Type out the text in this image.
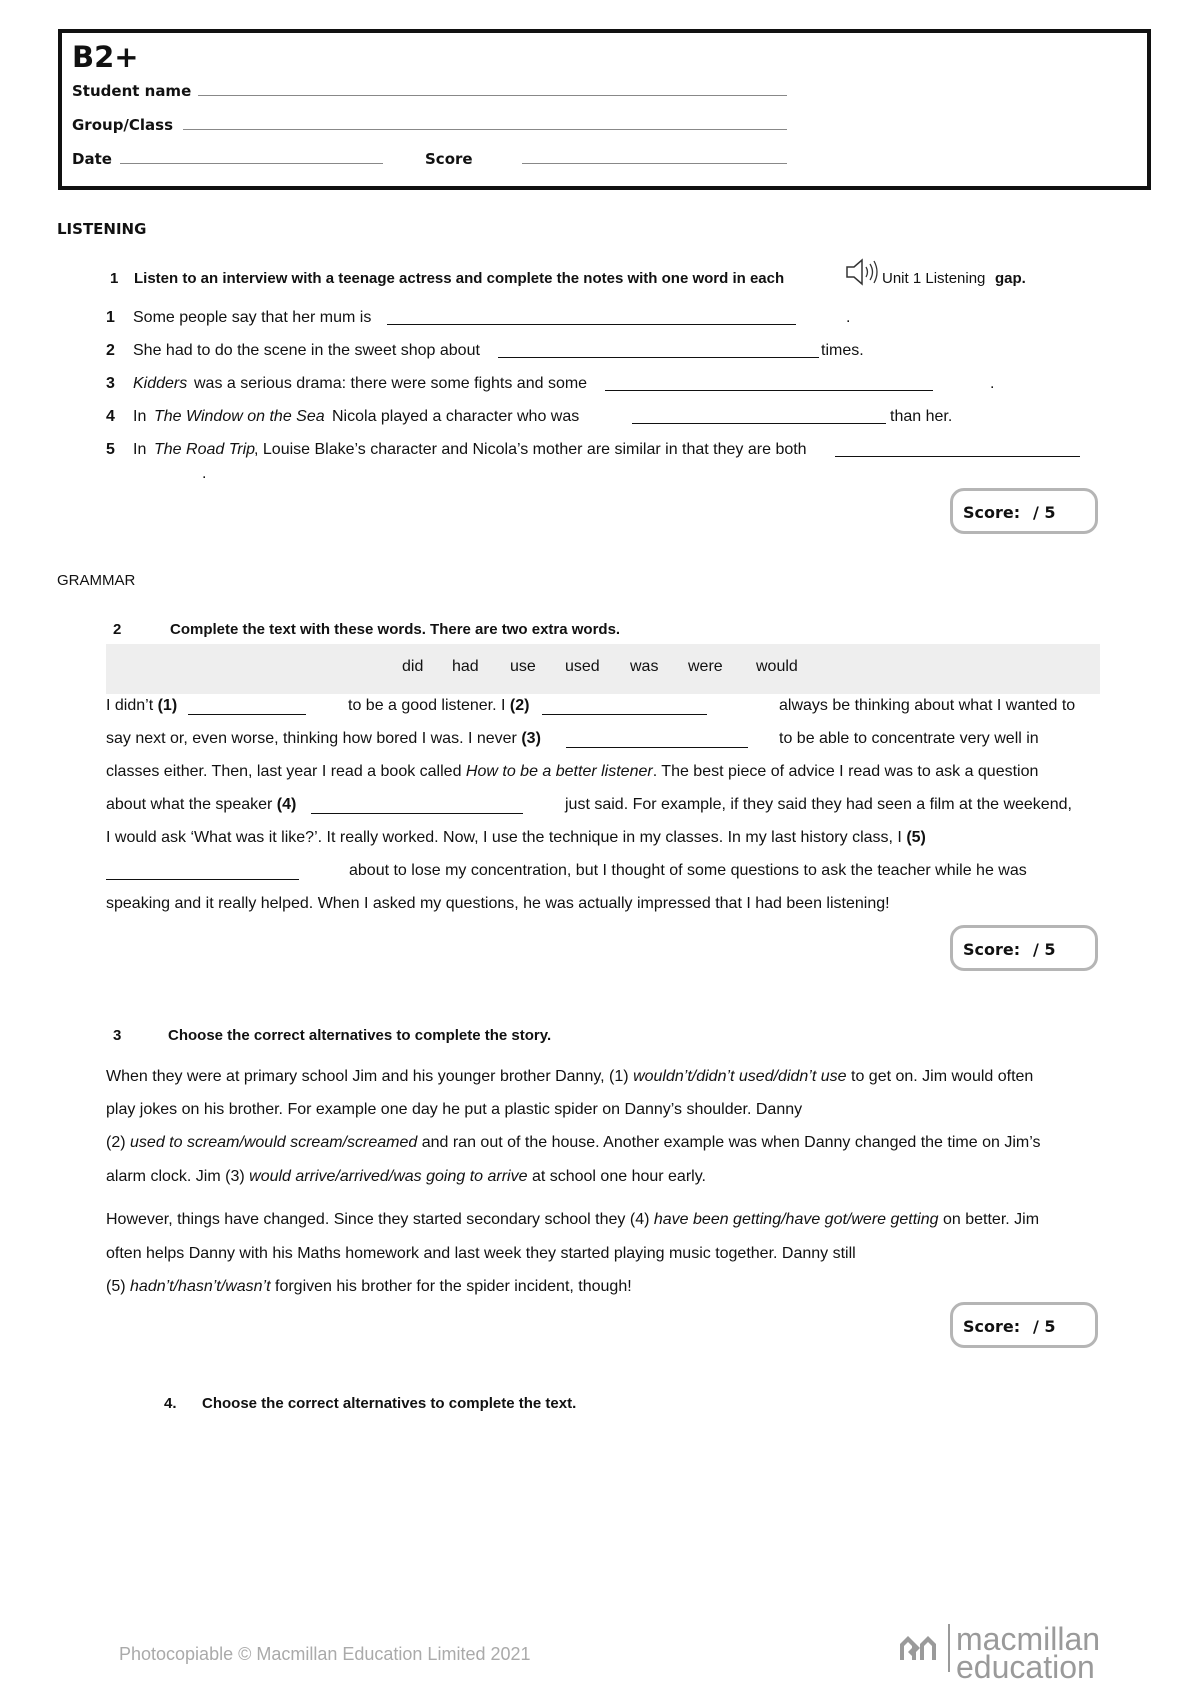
B2+
Student name
Group/Class
Date	Score
LISTENING
1 Listen to an interview with a teenage actress and complete the notes with one word in each	Unit 1 Listening gap.
1 Some people say that her mum is	.
2 She had to do the scene in the sweet shop about	times.
3 Kidders was a serious drama: there were some fights and some	.
4 In The Window on the Sea Nicola played a character who was	than her.
5 In The Road Trip
, Louise Blake’s character and Nicola’s mother are similar in that they are both
.
Score: / 5
GRAMMAR
2	Complete the text with these words. There are two extra words.
did had use used was were would
I didn’t (1)	to be a good listener. I (2)	always be thinking about what I wanted to
say next or, even worse, thinking how bored I was. I never (3)	to be able to concentrate very well in
classes either. Then, last year I read a book called How to be a better listener. The best piece of advice I read was to ask a question
about what the speaker (4)	just said. For example, if they said they had seen a film at the weekend,
I would ask ‘What was it like?’. It really worked. Now, I use the technique in my classes. In my last history class, I (5)
about to lose my concentration, but I thought of some questions to ask the teacher while he was
speaking and it really helped. When I asked my questions, he was actually impressed that I had been listening!
Score: / 5
3	Choose the correct alternatives to complete the story.
When they were at primary school Jim and his younger brother Danny, (1) wouldn’t/didn’t used/didn’t use to get on. Jim would often
play jokes on his brother. For example one day he put a plastic spider on Danny’s shoulder. Danny
(2) used to scream/would scream/screamed and ran out of the house. Another example was when Danny changed the time on Jim’s
alarm clock. Jim (3) would arrive/arrived/was going to arrive at school one hour early.
However, things have changed. Since they started secondary school they (4) have been getting/have got/were getting on better. Jim
often helps Danny with his Maths homework and last week they started playing music together. Danny still
(5) hadn’t/hasn’t/wasn’t forgiven his brother for the spider incident, though!
Score: / 5
4. Choose the correct alternatives to complete the text.
Photocopiable © Macmillan Education Limited 2021	macmillan
education
